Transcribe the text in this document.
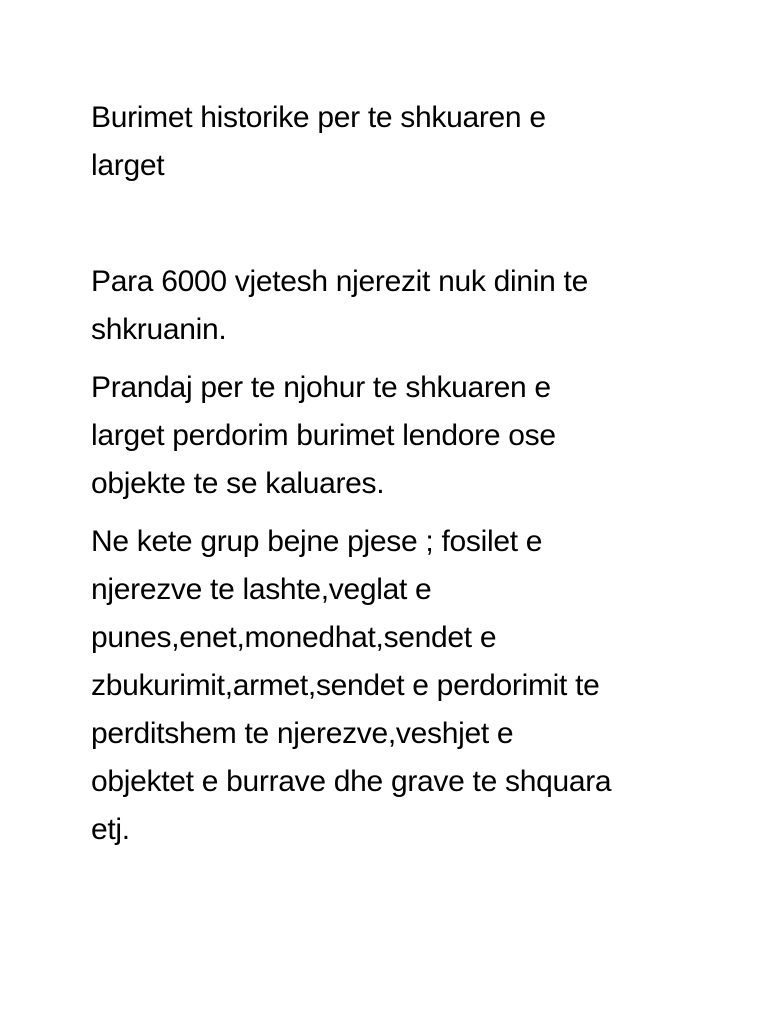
Burimet historike per te shkuaren e
larget

Para 6000 vjetesh njerezit nuk dinin te
shkruanin.

Prandaj per te njohur te shkuaren e
larget perdorim burimet lendore ose
objekte te se kaluares.

Ne kete grup bejne pjese ; fosilet e
njerezve te lashte,veglat e
punes,enet,monedhat,sendet e
zbukurimit,armet,sendet e perdorimit te
perditshem te njerezve,veshjet e
objektet e burrave dhe grave te shquara
etj.
